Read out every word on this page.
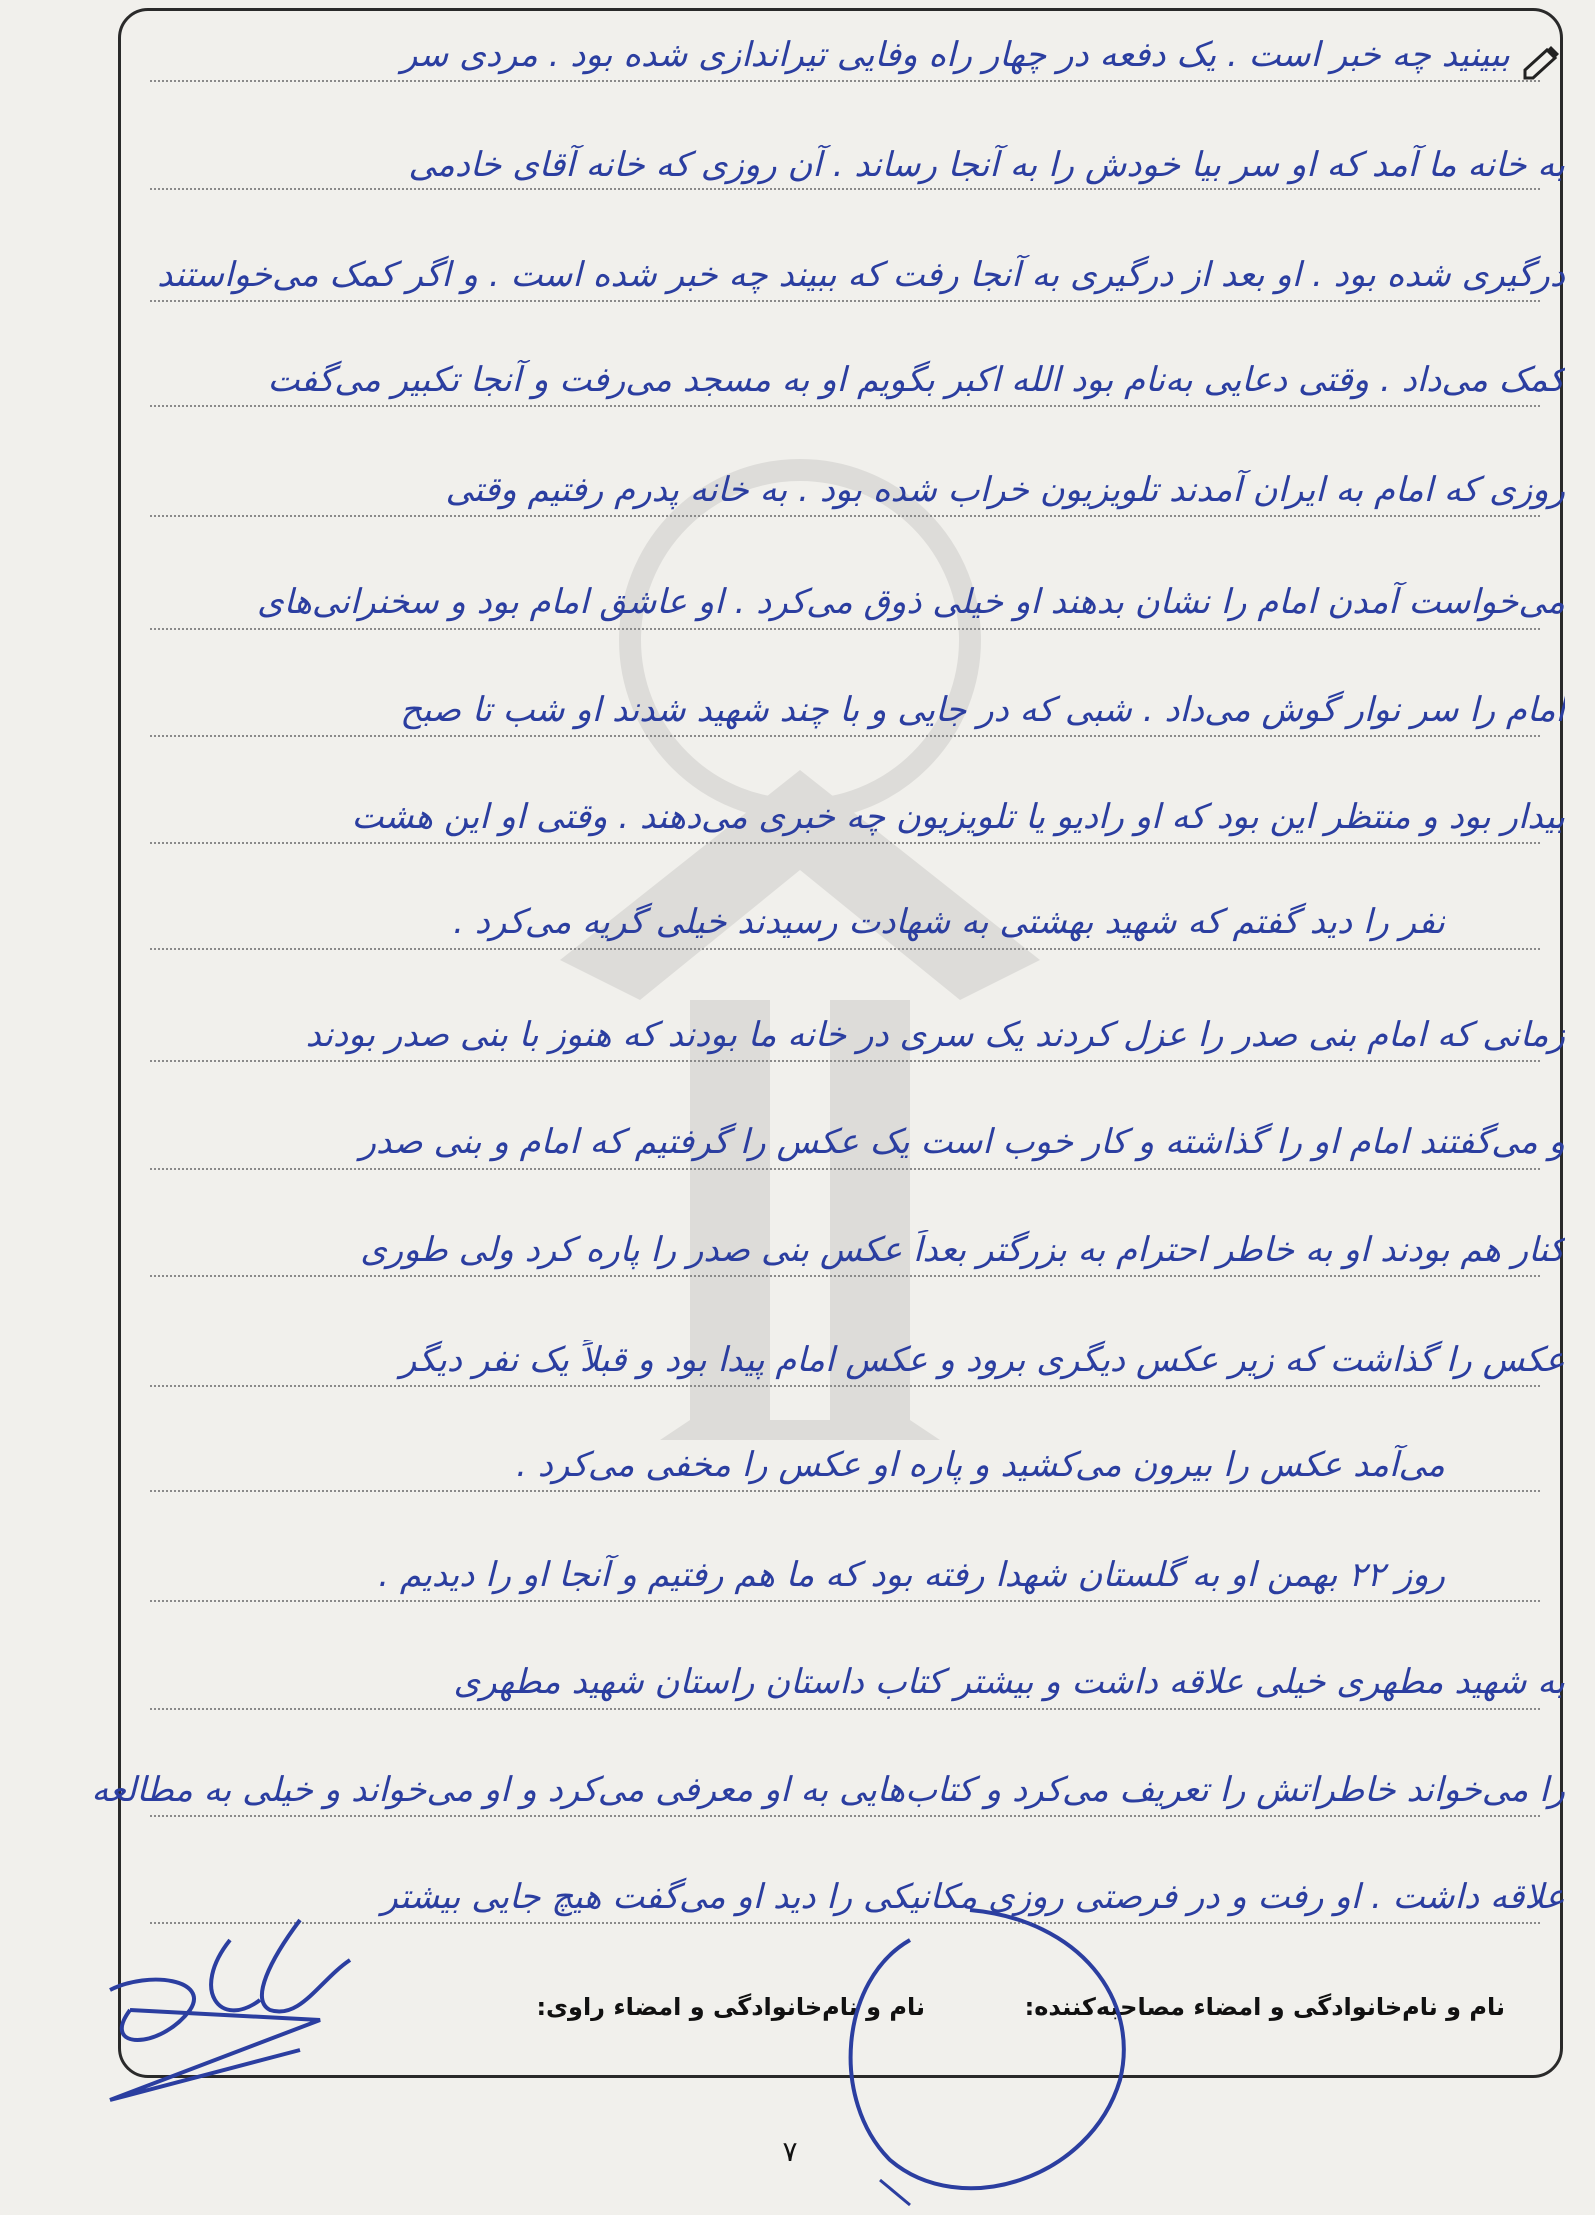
ببینید چه خبر است . یک دفعه در چهار راه وفایی تیراندازی شده بود . مردی سر
به خانه ما آمد که او سر بیا خودش را به آنجا رساند . آن روزی که خانه آقای خادمی
درگیری شده بود . او بعد از درگیری به آنجا رفت که ببیند چه خبر شده است . و اگر کمک می‌خواستند
کمک می‌داد . وقتی دعایی به‌نام بود الله اکبر بگویم او به مسجد می‌رفت و آنجا تکبیر می‌گفت
روزی که امام به ایران آمدند تلویزیون خراب شده بود . به خانه پدرم رفتیم وقتی
می‌خواست آمدن امام را نشان بدهند او خیلی ذوق می‌کرد . او عاشق امام بود و سخنرانی‌های
امام را سر نوار گوش می‌داد . شبی که در جایی و با چند شهید شدند او شب تا صبح
بیدار بود و منتظر این بود که او رادیو یا تلویزیون چه خبری می‌دهند . وقتی او این هشت
نفر را دید گفتم که شهید بهشتی به شهادت رسیدند خیلی گریه می‌کرد .
زمانی که امام بنی صدر را عزل کردند یک سری در خانه ما بودند که هنوز با بنی صدر بودند
و می‌گفتند امام او را گذاشته و کار خوب است یک عکس را گرفتیم که امام و بنی صدر
کنار هم بودند او به خاطر احترام به بزرگتر بعداً عکس بنی صدر را پاره کرد ولی طوری
عکس را گذاشت که زیر عکس دیگری برود و عکس امام پیدا بود و قبلاً یک نفر دیگر
می‌آمد عکس را بیرون می‌کشید و پاره او عکس را مخفی می‌کرد .
روز ۲۲ بهمن او به گلستان شهدا رفته بود که ما هم رفتیم و آنجا او را دیدیم .
به شهید مطهری خیلی علاقه داشت و بیشتر کتاب داستان راستان شهید مطهری
را می‌خواند خاطراتش را تعریف می‌کرد و کتاب‌هایی به او معرفی می‌کرد و او می‌خواند و خیلی به مطالعه
علاقه داشت . او رفت و در فرصتی روزی مکانیکی را دید او می‌گفت هیچ جایی بیشتر
نام و نام‌خانوادگی و امضاء مصاحبه‌کننده:
نام و نام‌خانوادگی و امضاء راوی:
۷
